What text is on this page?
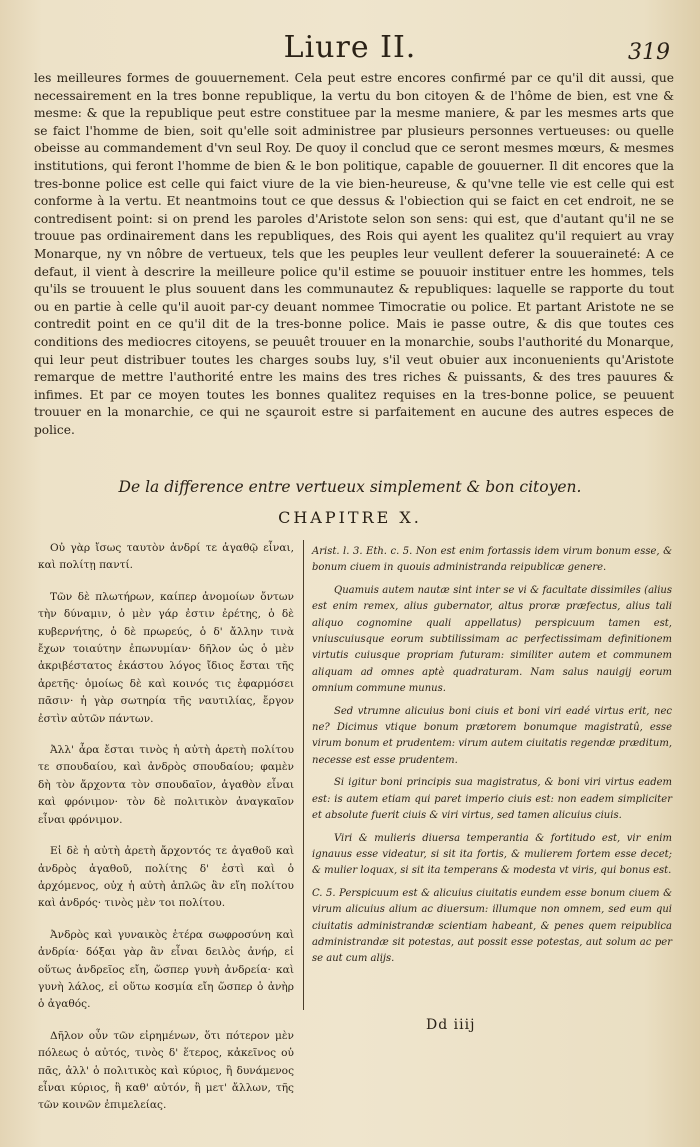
Liure II.	319

les meilleures formes de gouuernement. Cela peut estre encores confirmé par ce qu'il dit aussi, que necessairement en la tres bonne republique, la vertu du bon citoyen & de l'hôme de bien, est vne & mesme: & que la republique peut estre constituee par la mesme maniere, & par les mesmes arts que se faict l'homme de bien, soit qu'elle soit administree par plusieurs personnes vertueuses: ou quelle obeisse au commandement d'vn seul Roy. De quoy il conclud que ce seront mesmes mœurs, & mesmes institutions, qui feront l'homme de bien & le bon politique, capable de gouuerner. Il dit encores que la tres-bonne police est celle qui faict viure de la vie bien-heureuse, & qu'vne telle vie est celle qui est conforme à la vertu. Et neantmoins tout ce que dessus & l'obiection qui se faict en cet endroit, ne se contredisent point: si on prend les paroles d'Aristote selon son sens: qui est, que d'autant qu'il ne se trouue pas ordinairement dans les republiques, des Rois qui ayent les qualitez qu'il requiert au vray Monarque, ny vn nôbre de vertueux, tels que les peuples leur veullent deferer la souueraineté: A ce defaut, il vient à descrire la meilleure police qu'il estime se pouuoir instituer entre les hommes, tels qu'ils se trouuent le plus souuent dans les communautez & republiques: laquelle se rapporte du tout ou en partie à celle qu'il auoit par-cy deuant nommee Timocratie ou police. Et partant Aristote ne se contredit point en ce qu'il dit de la tres-bonne police. Mais ie passe outre, & dis que toutes ces conditions des mediocres citoyens, se peuuêt trouuer en la monarchie, soubs l'authorité du Monarque, qui leur peut distribuer toutes les charges soubs luy, s'il veut obuier aux inconuenients qu'Aristote remarque de mettre l'authorité entre les mains des tres riches & puissants, & des tres pauures & infimes. Et par ce moyen toutes les bonnes qualitez requises en la tres-bonne police, se peuuent trouuer en la monarchie, ce qui ne sçauroit estre si parfaitement en aucune des autres especes de police.

De la difference entre vertueux simplement & bon citoyen.
CHAPITRE X.

Οὐ γὰρ ἴσως ταυτὸν ἀνδρί τε ἀγαθῷ εἶναι, καὶ πολίτῃ παντί.

Τῶν δὲ πλωτήρων, καίπερ ἀνομοίων ὄντων τὴν δύναμιν, ὁ μὲν γάρ ἐστιν ἐρέτης, ὁ δὲ κυβερνήτης, ὁ δὲ πρωρεύς, ὁ δ' ἄλλην τινὰ ἔχων τοιαύτην ἐπωνυμίαν· δῆλον ὡς ὁ μὲν ἀκριβέστατος ἑκάστου λόγος ἴδιος ἔσται τῆς ἀρετῆς· ὁμοίως δὲ καὶ κοινός τις ἐφαρμόσει πᾶσιν· ἡ γὰρ σωτηρία τῆς ναυτιλίας, ἔργον ἐστὶν αὐτῶν πάντων.

Ἀλλ' ἆρα ἔσται τινὸς ἡ αὐτὴ ἀρετὴ πολίτου τε σπουδαίου, καὶ ἀνδρὸς σπουδαίου; φαμὲν δὴ τὸν ἄρχοντα τὸν σπουδαῖον, ἀγαθὸν εἶναι καὶ φρόνιμον· τὸν δὲ πολιτικὸν ἀναγκαῖον εἶναι φρόνιμον.

Εἰ δὲ ἡ αὐτὴ ἀρετὴ ἄρχοντός τε ἀγαθοῦ καὶ ἀνδρὸς ἀγαθοῦ, πολίτης δ' ἐστὶ καὶ ὁ ἀρχόμενος, οὐχ ἡ αὐτὴ ἁπλῶς ἂν εἴη πολίτου καὶ ἀνδρός· τινὸς μὲν τοι πολίτου.

Ἀνδρὸς καὶ γυναικὸς ἑτέρα σωφροσύνη καὶ ἀνδρία· δόξαι γὰρ ἂν εἶναι δειλὸς ἀνήρ, εἰ οὕτως ἀνδρεῖος εἴη, ὥσπερ γυνὴ ἀνδρεία· καὶ γυνὴ λάλος, εἰ οὕτω κοσμία εἴη ὥσπερ ὁ ἀνὴρ ὁ ἀγαθός.

Δῆλον οὖν τῶν εἰρημένων, ὅτι πότερον μὲν πόλεως ὁ αὐτός, τινὸς δ' ἕτερος, κἀκεῖνος οὐ πᾶς, ἀλλ' ὁ πολιτικὸς καὶ κύριος, ἢ δυνάμενος εἶναι κύριος, ἢ καθ' αὑτόν, ἢ μετ' ἄλλων, τῆς τῶν κοινῶν ἐπιμελείας.

Arist. l. 3. Eth. c. 5. Non est enim fortassis idem virum bonum esse, & bonum ciuem in quouis administranda reipublicæ genere.

Quamuis autem nautæ sint inter se vi & facultate dissimiles (alius est enim remex, alius gubernator, altus proræ præfectus, alius tali aliquo cognomine quali appellatus) perspicuum tamen est, vniuscuiusque eorum subtilissimam ac perfectissimam definitionem virtutis cuiusque propriam futuram: similiter autem et communem aliquam ad omnes aptè quadraturam. Nam salus nauigij eorum omnium commune munus.

Sed vtrumne alicuius boni ciuis et boni viri eadé virtus erit, nec ne? Dicimus vtique bonum prætorem bonumque magistratû, esse virum bonum et prudentem: virum autem ciuitatis regendæ præditum, necesse est esse prudentem.

Si igitur boni principis sua magistratus, & boni viri virtus eadem est: is autem etiam qui paret imperio ciuis est: non eadem simpliciter et absolute fuerit ciuis & viri virtus, sed tamen alicuius ciuis.

Viri & mulieris diuersa temperantia & fortitudo est, vir enim ignauus esse videatur, si sit ita fortis, & mulierem fortem esse decet; & mulier loquax, si sit ita temperans & modesta vt viris, qui bonus est.

C. 5. Perspicuum est & alicuius ciuitatis eundem esse bonum ciuem & virum alicuius alium ac diuersum: illumque non omnem, sed eum qui ciuitatis administrandæ scientiam habeant, & penes quem reipublica administrandæ sit potestas, aut possit esse potestas, aut solum ac per se aut cum alijs.

Dd iiij
